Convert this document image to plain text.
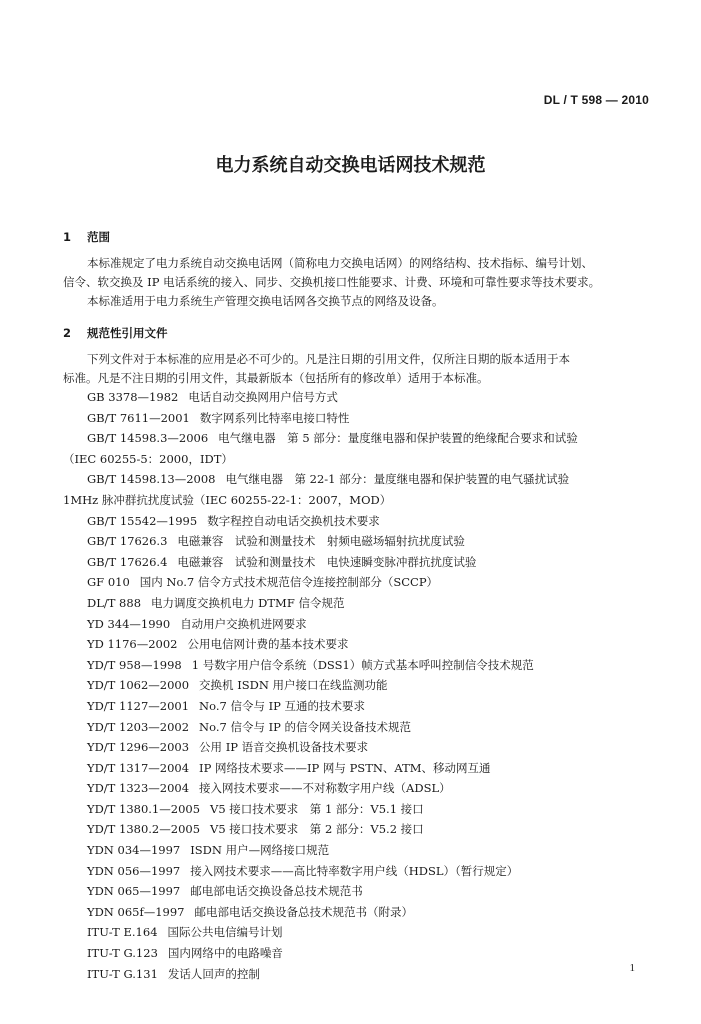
DL / T 598 — 2010
电力系统自动交换电话网技术规范
1 范围
本标准规定了电力系统自动交换电话网（简称电力交换电话网）的网络结构、技术指标、编号计划、
信令、软交换及 IP 电话系统的接入、同步、交换机接口性能要求、计费、环境和可靠性要求等技术要求。
本标准适用于电力系统生产管理交换电话网各交换节点的网络及设备。
2 规范性引用文件
下列文件对于本标准的应用是必不可少的。凡是注日期的引用文件，仅所注日期的版本适用于本
标准。凡是不注日期的引用文件，其最新版本（包括所有的修改单）适用于本标准。
GB 3378—1982 电话自动交换网用户信号方式
GB/T 7611—2001 数字网系列比特率电接口特性
GB/T 14598.3—2006 电气继电器　第 5 部分：量度继电器和保护装置的绝缘配合要求和试验
（IEC 60255-5：2000，IDT）
GB/T 14598.13—2008 电气继电器　第 22-1 部分：量度继电器和保护装置的电气骚扰试验
1MHz 脉冲群抗扰度试验（IEC 60255-22-1：2007，MOD）
GB/T 15542—1995 数字程控自动电话交换机技术要求
GB/T 17626.3 电磁兼容　试验和测量技术　射频电磁场辐射抗扰度试验
GB/T 17626.4 电磁兼容　试验和测量技术　电快速瞬变脉冲群抗扰度试验
GF 010 国内 No.7 信令方式技术规范信令连接控制部分（SCCP）
DL/T 888 电力调度交换机电力 DTMF 信令规范
YD 344—1990 自动用户交换机进网要求
YD 1176—2002 公用电信网计费的基本技术要求
YD/T 958—1998 1 号数字用户信令系统（DSS1）帧方式基本呼叫控制信令技术规范
YD/T 1062—2000 交换机 ISDN 用户接口在线监测功能
YD/T 1127—2001 No.7 信令与 IP 互通的技术要求
YD/T 1203—2002 No.7 信令与 IP 的信令网关设备技术规范
YD/T 1296—2003 公用 IP 语音交换机设备技术要求
YD/T 1317—2004 IP 网络技术要求——IP 网与 PSTN、ATM、移动网互通
YD/T 1323—2004 接入网技术要求——不对称数字用户线（ADSL）
YD/T 1380.1—2005 V5 接口技术要求　第 1 部分：V5.1 接口
YD/T 1380.2—2005 V5 接口技术要求　第 2 部分：V5.2 接口
YDN 034—1997 ISDN 用户—网络接口规范
YDN 056—1997 接入网技术要求——高比特率数字用户线（HDSL）（暂行规定）
YDN 065—1997 邮电部电话交换设备总技术规范书
YDN 065f—1997 邮电部电话交换设备总技术规范书（附录）
ITU-T E.164 国际公共电信编号计划
ITU-T G.123 国内网络中的电路噪音
ITU-T G.131 发话人回声的控制	1
